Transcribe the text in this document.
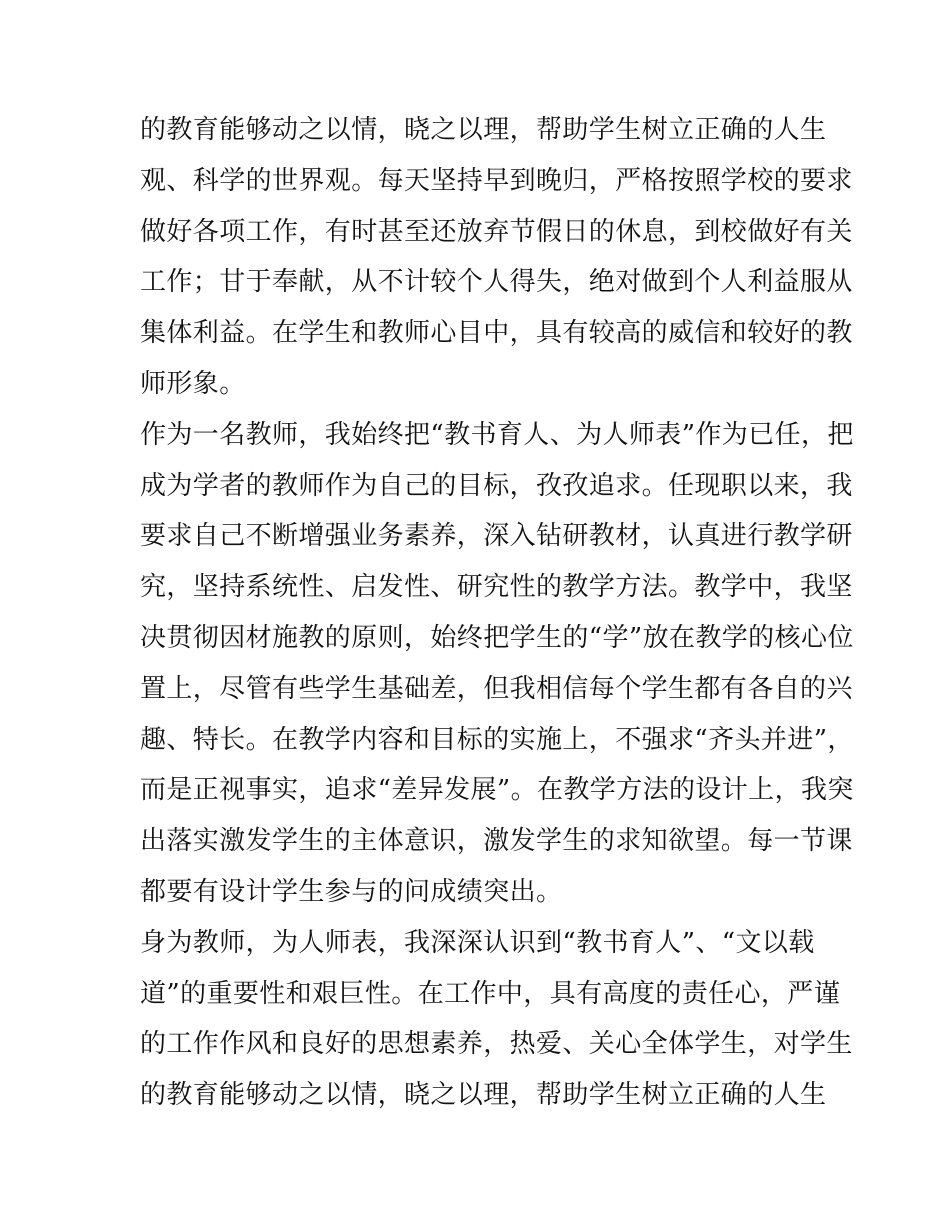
的教育能够动之以情，晓之以理，帮助学生树立正确的人生
观、科学的世界观。每天坚持早到晚归，严格按照学校的要求
做好各项工作，有时甚至还放弃节假日的休息，到校做好有关
工作；甘于奉献，从不计较个人得失，绝对做到个人利益服从
集体利益。在学生和教师心目中，具有较高的威信和较好的教
师形象。
作为一名教师，我始终把“教书育人、为人师表”作为已任，把
成为学者的教师作为自己的目标，孜孜追求。任现职以来，我
要求自己不断增强业务素养，深入钻研教材，认真进行教学研
究，坚持系统性、启发性、研究性的教学方法。教学中，我坚
决贯彻因材施教的原则，始终把学生的“学”放在教学的核心位
置上，尽管有些学生基础差，但我相信每个学生都有各自的兴
趣、特长。在教学内容和目标的实施上，不强求“齐头并进”，
而是正视事实，追求“差异发展”。在教学方法的设计上，我突
出落实激发学生的主体意识，激发学生的求知欲望。每一节课
都要有设计学生参与的问成绩突出。
身为教师，为人师表，我深深认识到“教书育人”、“文以载
道”的重要性和艰巨性。在工作中，具有高度的责任心，严谨
的工作作风和良好的思想素养，热爱、关心全体学生，对学生
的教育能够动之以情，晓之以理，帮助学生树立正确的人生
